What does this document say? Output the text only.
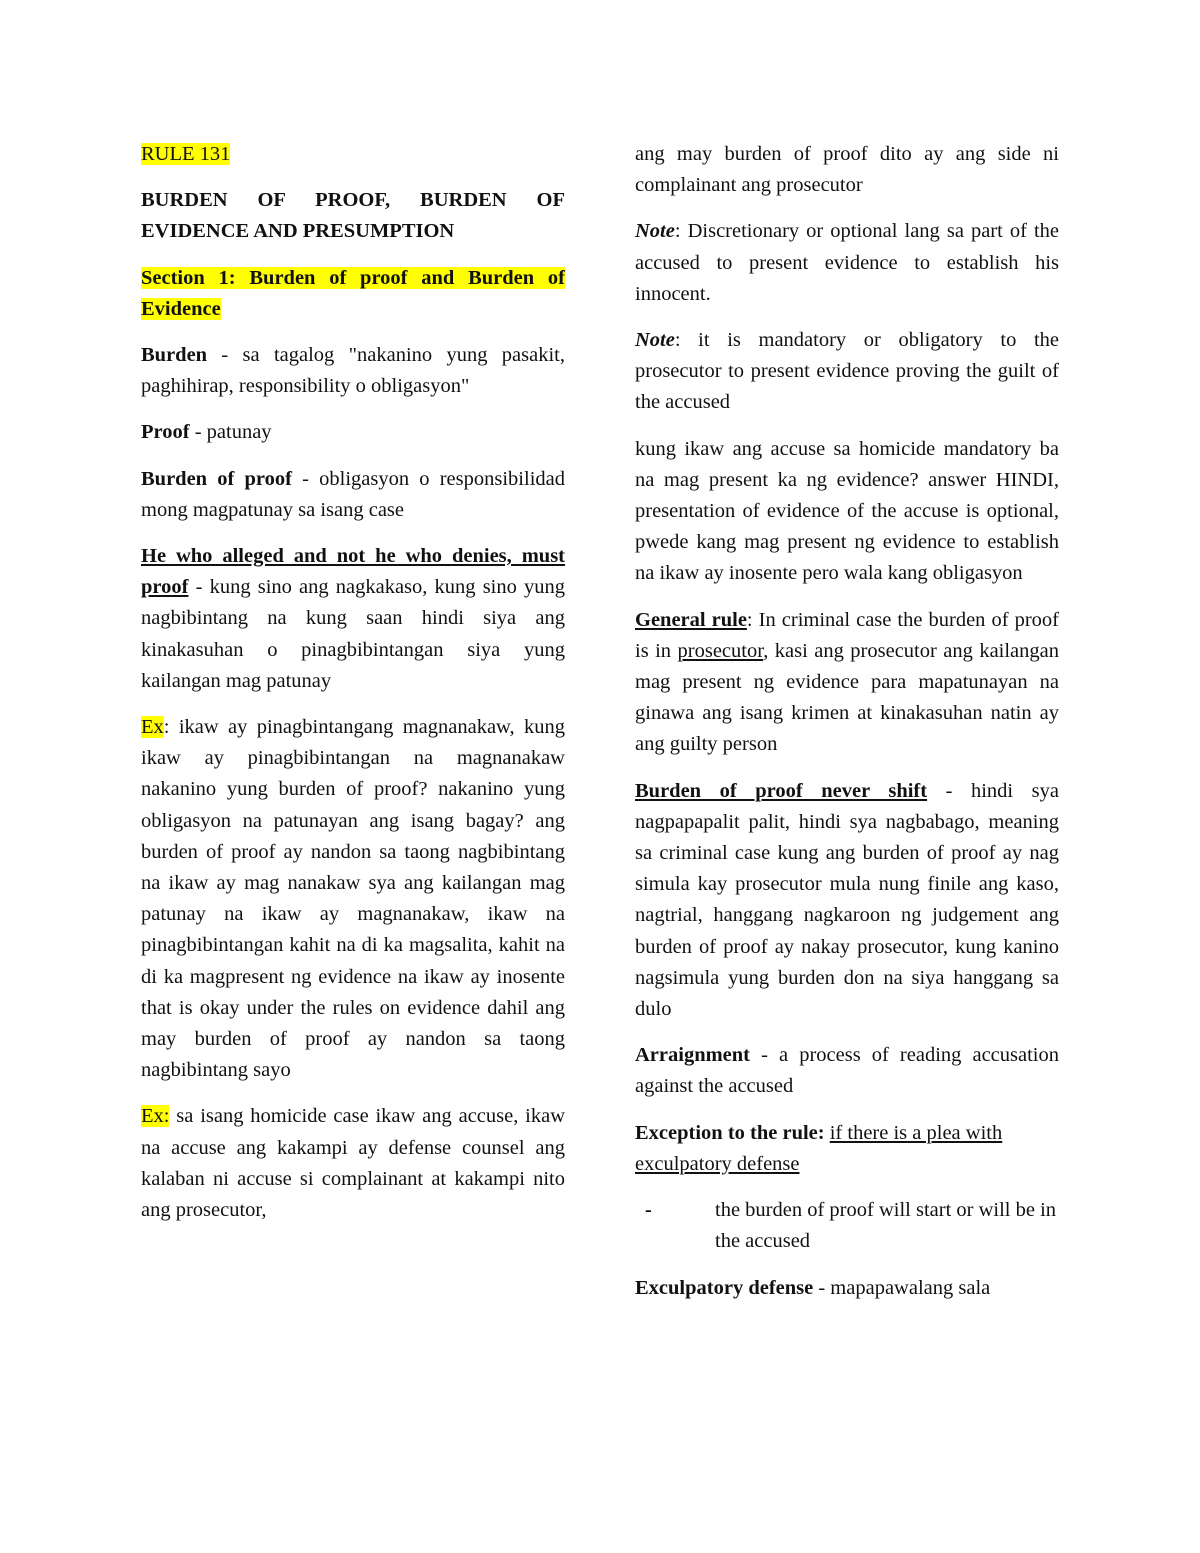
RULE 131

BURDEN OF PROOF, BURDEN OF EVIDENCE AND PRESUMPTION

Section 1: Burden of proof and Burden of Evidence

Burden - sa tagalog "nakanino yung pasakit, paghihirap, responsibility o obligasyon"

Proof - patunay

Burden of proof - obligasyon o responsibilidad mong magpatunay sa isang case

He who alleged and not he who denies, must proof - kung sino ang nagkakaso, kung sino yung nagbibintang na kung saan hindi siya ang kinakasuhan o pinagbibintangan siya yung kailangan mag patunay

Ex: ikaw ay pinagbintangang magnanakaw, kung ikaw ay pinagbibintangan na magnanakaw nakanino yung burden of proof? nakanino yung obligasyon na patunayan ang isang bagay? ang burden of proof ay nandon sa taong nagbibintang na ikaw ay mag nanakaw sya ang kailangan mag patunay na ikaw ay magnanakaw, ikaw na pinagbibintangan kahit na di ka magsalita, kahit na di ka magpresent ng evidence na ikaw ay inosente that is okay under the rules on evidence dahil ang may burden of proof ay nandon sa taong nagbibintang sayo

Ex: sa isang homicide case ikaw ang accuse, ikaw na accuse ang kakampi ay defense counsel ang kalaban ni accuse si complainant at kakampi nito ang prosecutor,

ang may burden of proof dito ay ang side ni complainant ang prosecutor

Note: Discretionary or optional lang sa part of the accused to present evidence to establish his innocent.

Note: it is mandatory or obligatory to the prosecutor to present evidence proving the guilt of the accused

kung ikaw ang accuse sa homicide mandatory ba na mag present ka ng evidence? answer HINDI, presentation of evidence of the accuse is optional, pwede kang mag present ng evidence to establish na ikaw ay inosente pero wala kang obligasyon

General rule: In criminal case the burden of proof is in prosecutor, kasi ang prosecutor ang kailangan mag present ng evidence para mapatunayan na ginawa ang isang krimen at kinakasuhan natin ay ang guilty person

Burden of proof never shift - hindi sya nagpapapalit palit, hindi sya nagbabago, meaning sa criminal case kung ang burden of proof ay nag simula kay prosecutor mula nung finile ang kaso, nagtrial, hanggang nagkaroon ng judgement ang burden of proof ay nakay prosecutor, kung kanino nagsimula yung burden don na siya hanggang sa dulo

Arraignment - a process of reading accusation against the accused

Exception to the rule: if there is a plea with exculpatory defense

-	the burden of proof will start or will be in the accused

Exculpatory defense - mapapawalang sala
